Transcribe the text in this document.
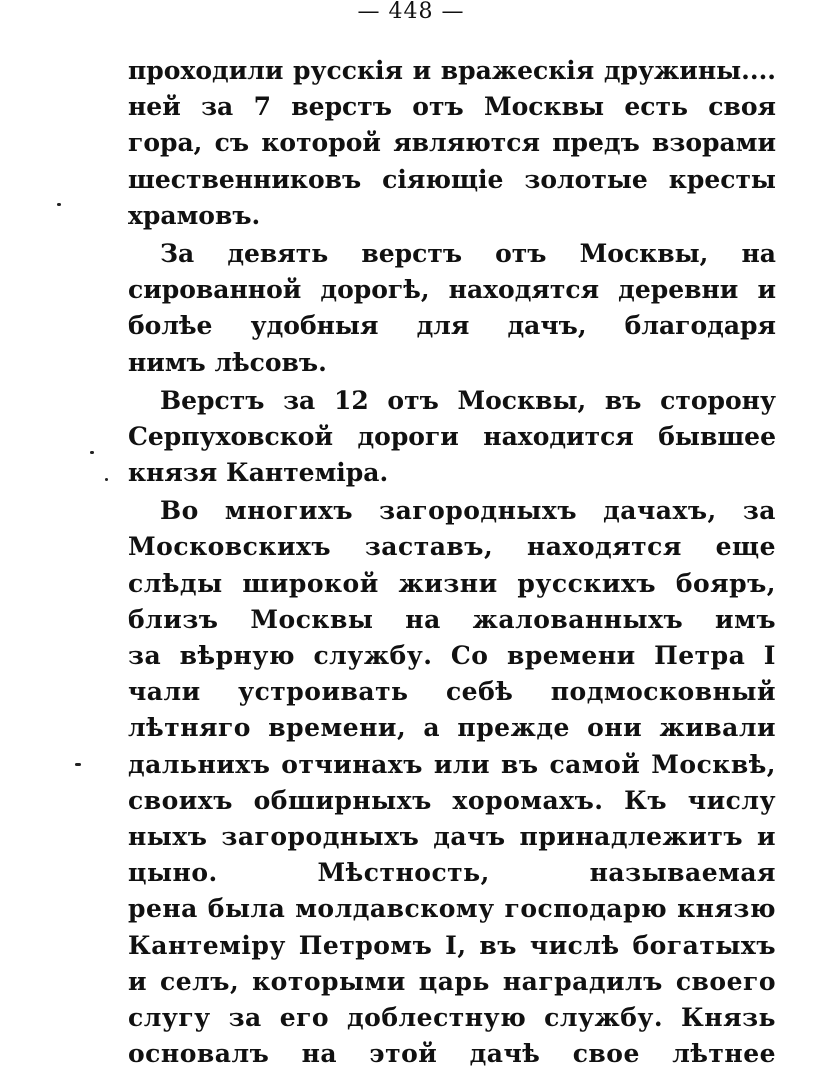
— 448 —
проходили русскія и вражескія дружины....
ней за 7 верстъ отъ Москвы есть своя
гора, съ которой являются предъ взорами
шественниковъ сіяющіе золотые кресты
храмовъ.
За девять верстъ отъ Москвы, на
сированной дорогѣ, находятся деревни и
болѣе удобныя для дачъ, благодаря
нимъ лѣсовъ.
Верстъ за 12 отъ Москвы, въ сторону
Серпуховской дороги находится бывшее
князя Кантеміра.
Во многихъ загородныхъ дачахъ, за
Московскихъ заставъ, находятся еще
слѣды широкой жизни русскихъ бояръ,
близъ Москвы на жалованныхъ имъ
за вѣрную службу. Со времени Петра I
чали устроивать себѣ подмосковный
лѣтняго времени, а прежде они живали
дальнихъ отчинахъ или въ самой Москвѣ,
своихъ обширныхъ хоромахъ. Къ числу
ныхъ загородныхъ дачъ принадлежитъ и
цыно. Мѣстность, называемая
рена была молдавскому господарю князю
Кантеміру Петромъ I, въ числѣ богатыхъ
и селъ, которыми царь наградилъ своего
слугу за его доблестную службу. Князь
основалъ на этой дачѣ свое лѣтнее
